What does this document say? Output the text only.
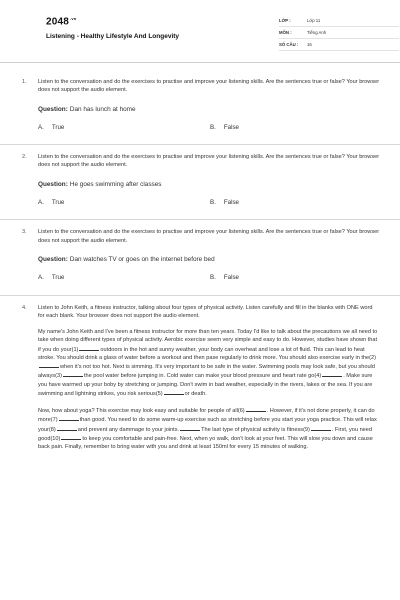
$2048^{.vn}$
Listening - Healthy Lifestyle And Longevity
LỚP :	Lớp 11
MÔN :	Tiếng Anh
SỐ CÂU :	16
1.	Listen to the conversation and do the exercises to practise and improve your listening skills. Are the sentences true or false? Your browser does not support the audio element.
Question: Dan has lunch at home
A. True	B. False
2.	Listen to the conversation and do the exercises to practise and improve your listening skills. Are the sentences true or false? Your browser does not support the audio element.
Question: He goes swimming after classes
A. True	B. False
3.	Listen to the conversation and do the exercises to practise and improve your listening skills. Are the sentences true or false? Your browser does not support the audio element.
Question: Dan watches TV or goes on the internet before bed
A. True	B. False
4.	Listen to John Keith, a fitness instructor, talking about four types of physical activity. Listen carefully and fill in the blanks with ONE word for each blank. Your browser does not support the audio element.

My name's John Keith and I've been a fitness instructor for more than ten years. Today I'd like to talk about the precautions we all need to take when doing different types of physical activity. Aerobic exercise seem very simple and easy to do. However, studies have shown that if you do your(1)	outdoors in the hot and sunny weather, your body can overheat and lose a lot of fluid. This can lead to heat stroke. You should drink a glass of water before a workout and then pase regularly to drink more. You should also exercise early in the(2)when it's not too hot. Next is simming. It's very important to be safe in the water. Swimming pools may look safe, but you should always(3)	the pool water before jumping in. Cold water can make your blood pressure and heart rate go(4)	. Make sure you have warmed up your boby by stretching or jumping. Don't swim in bad weather, especially in the rivers, lakes or the sea. If you are swimming and lightning strikes, you risk serious(5)	or death.

Now, how about yoga? This exercise may look easy and suitable for people of all(6)	. However, if it's not done properly, it can do more(7)	than good. You need to do some warm-up exercise such as stretching before you start your yoga practice. This will relax your(8)	and prevent any dammage to your joints.	The last type of physical activity is fitness(9)	. First, you need good(10)	to keep you comfortable and pain-free. Next, when yo walk, don't look at your feet. This will slow you down and cause back pain. Finally, remember to bring water with you and drink at least 150ml for every 15 minutes of walking.
